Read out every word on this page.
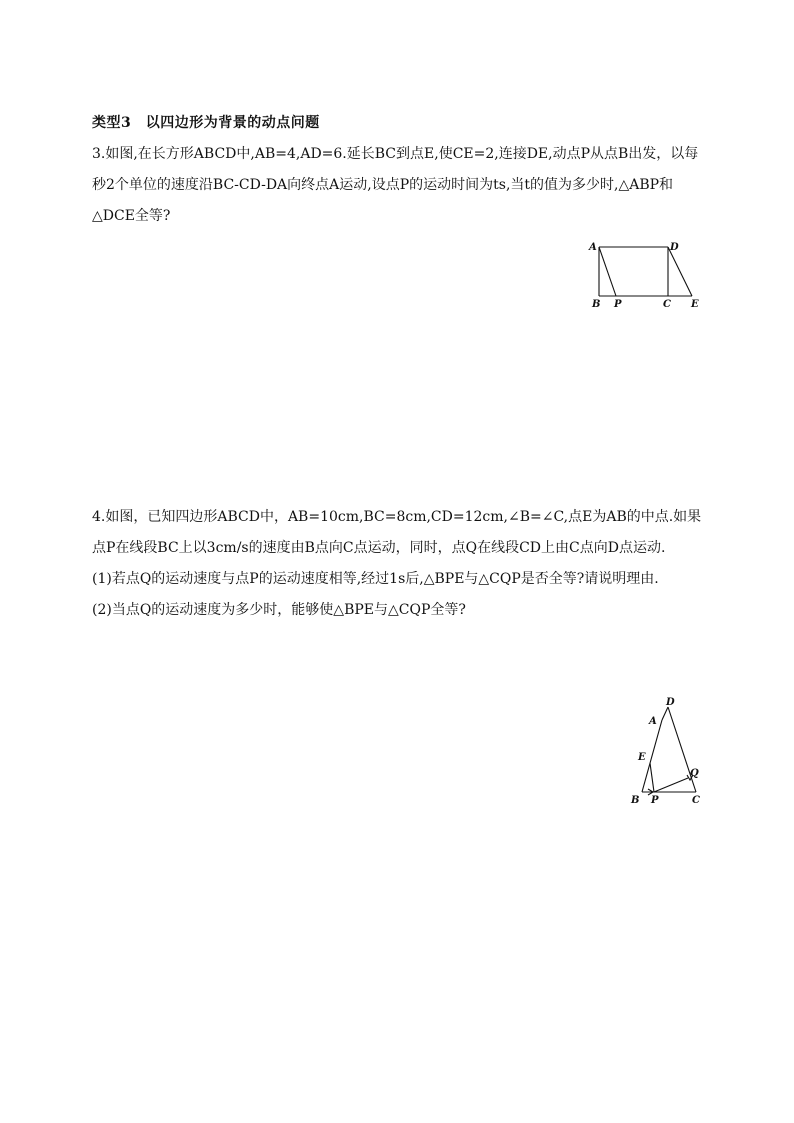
类型3　以四边形为背景的动点问题

3.如图,在长方形ABCD中,AB=4,AD=6.延长BC到点E,使CE=2,连接DE,动点P从点B出发，以每秒2个单位的速度沿BC-CD-DA向终点A运动,设点P的运动时间为ts,当t的值为多少时,△ABP和△DCE全等?

A	D
B P	C E

4.如图，已知四边形ABCD中，AB=10cm,BC=8cm,CD=12cm,∠B=∠C,点E为AB的中点.如果点P在线段BC上以3cm/s的速度由B点向C点运动，同时，点Q在线段CD上由C点向D点运动.

(1)若点Q的运动速度与点P的运动速度相等,经过1s后,△BPE与△CQP是否全等?请说明理由.

(2)当点Q的运动速度为多少时，能够使△BPE与△CQP全等?

D
A
E
Q
B P	C
